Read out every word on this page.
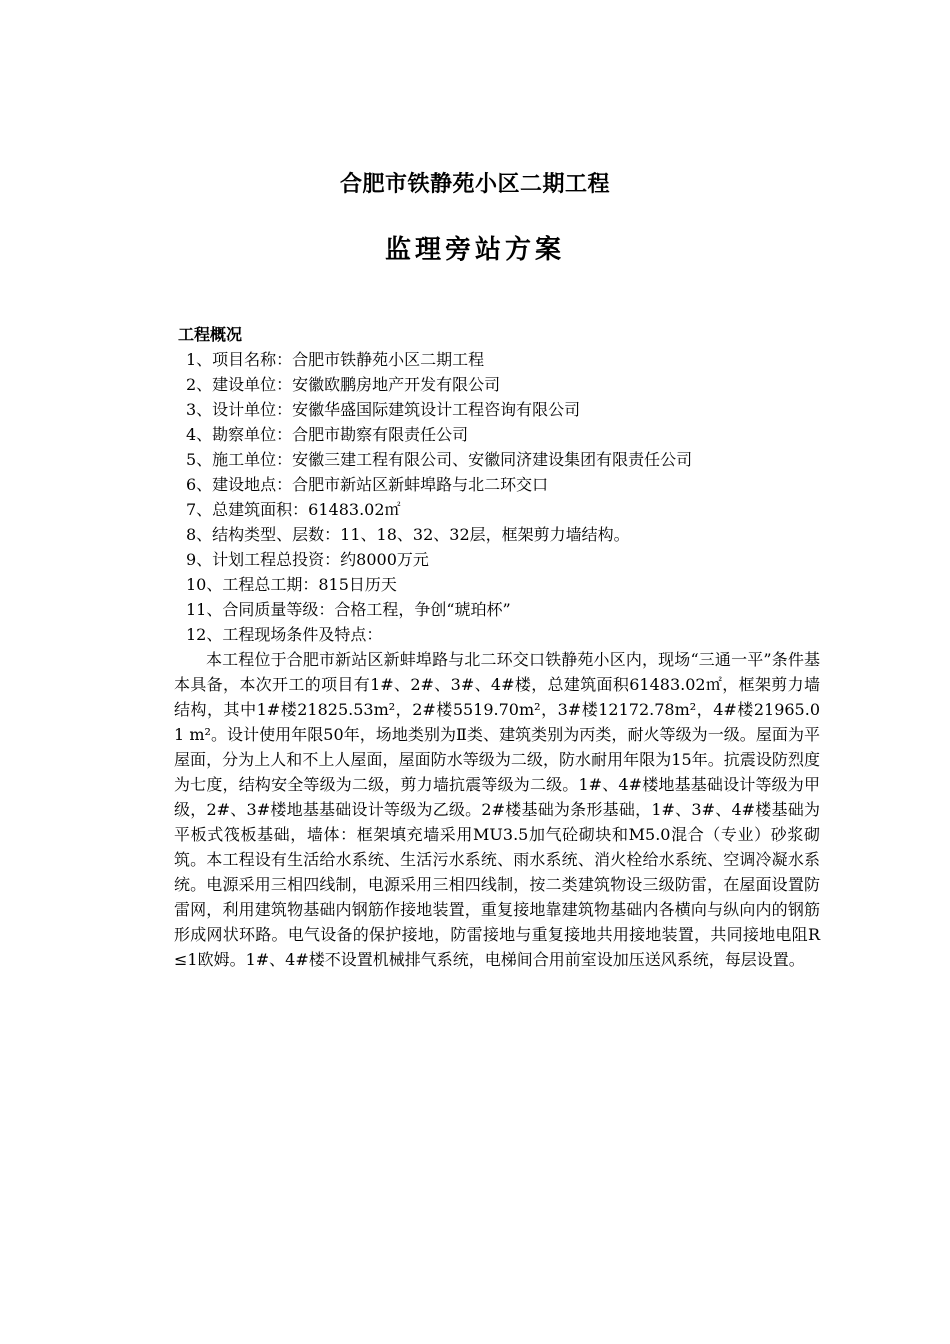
合肥市铁静苑小区二期工程
监理旁站方案
工程概况
1、项目名称：合肥市铁静苑小区二期工程
2、建设单位：安徽欧鹏房地产开发有限公司
3、设计单位：安徽华盛国际建筑设计工程咨询有限公司
4、勘察单位：合肥市勘察有限责任公司
5、施工单位：安徽三建工程有限公司、安徽同济建设集团有限责任公司
6、建设地点：合肥市新站区新蚌埠路与北二环交口
7、总建筑面积：61483.02㎡
8、结构类型、层数：11、18、32、32层，框架剪力墙结构。
9、计划工程总投资：约8000万元
10、工程总工期：815日历天
11、合同质量等级：合格工程，争创“琥珀杯”
12、工程现场条件及特点：

本工程位于合肥市新站区新蚌埠路与北二环交口铁静苑小区内，现场“三通一平”条件基本具备，本次开工的项目有1#、2#、3#、4#楼，总建筑面积61483.02㎡，框架剪力墙结构，其中1#楼21825.53m²，2#楼5519.70m²，3#楼12172.78m²，4#楼21965.01 m²。设计使用年限50年，场地类别为Ⅱ类、建筑类别为丙类，耐火等级为一级。屋面为平屋面，分为上人和不上人屋面，屋面防水等级为二级，防水耐用年限为15年。抗震设防烈度为七度，结构安全等级为二级，剪力墙抗震等级为二级。1#、4#楼地基基础设计等级为甲级，2#、3#楼地基基础设计等级为乙级。2#楼基础为条形基础，1#、3#、4#楼基础为平板式筏板基础，墙体：框架填充墙采用MU3.5加气砼砌块和M5.0混合（专业）砂浆砌筑。本工程设有生活给水系统、生活污水系统、雨水系统、消火栓给水系统、空调冷凝水系统。电源采用三相四线制，电源采用三相四线制，按二类建筑物设三级防雷，在屋面设置防雷网，利用建筑物基础内钢筋作接地装置，重复接地靠建筑物基础内各横向与纵向内的钢筋形成网状环路。电气设备的保护接地，防雷接地与重复接地共用接地装置，共同接地电阻R≤1欧姆。1#、4#楼不设置机械排气系统，电梯间合用前室设加压送风系统，每层设置。
